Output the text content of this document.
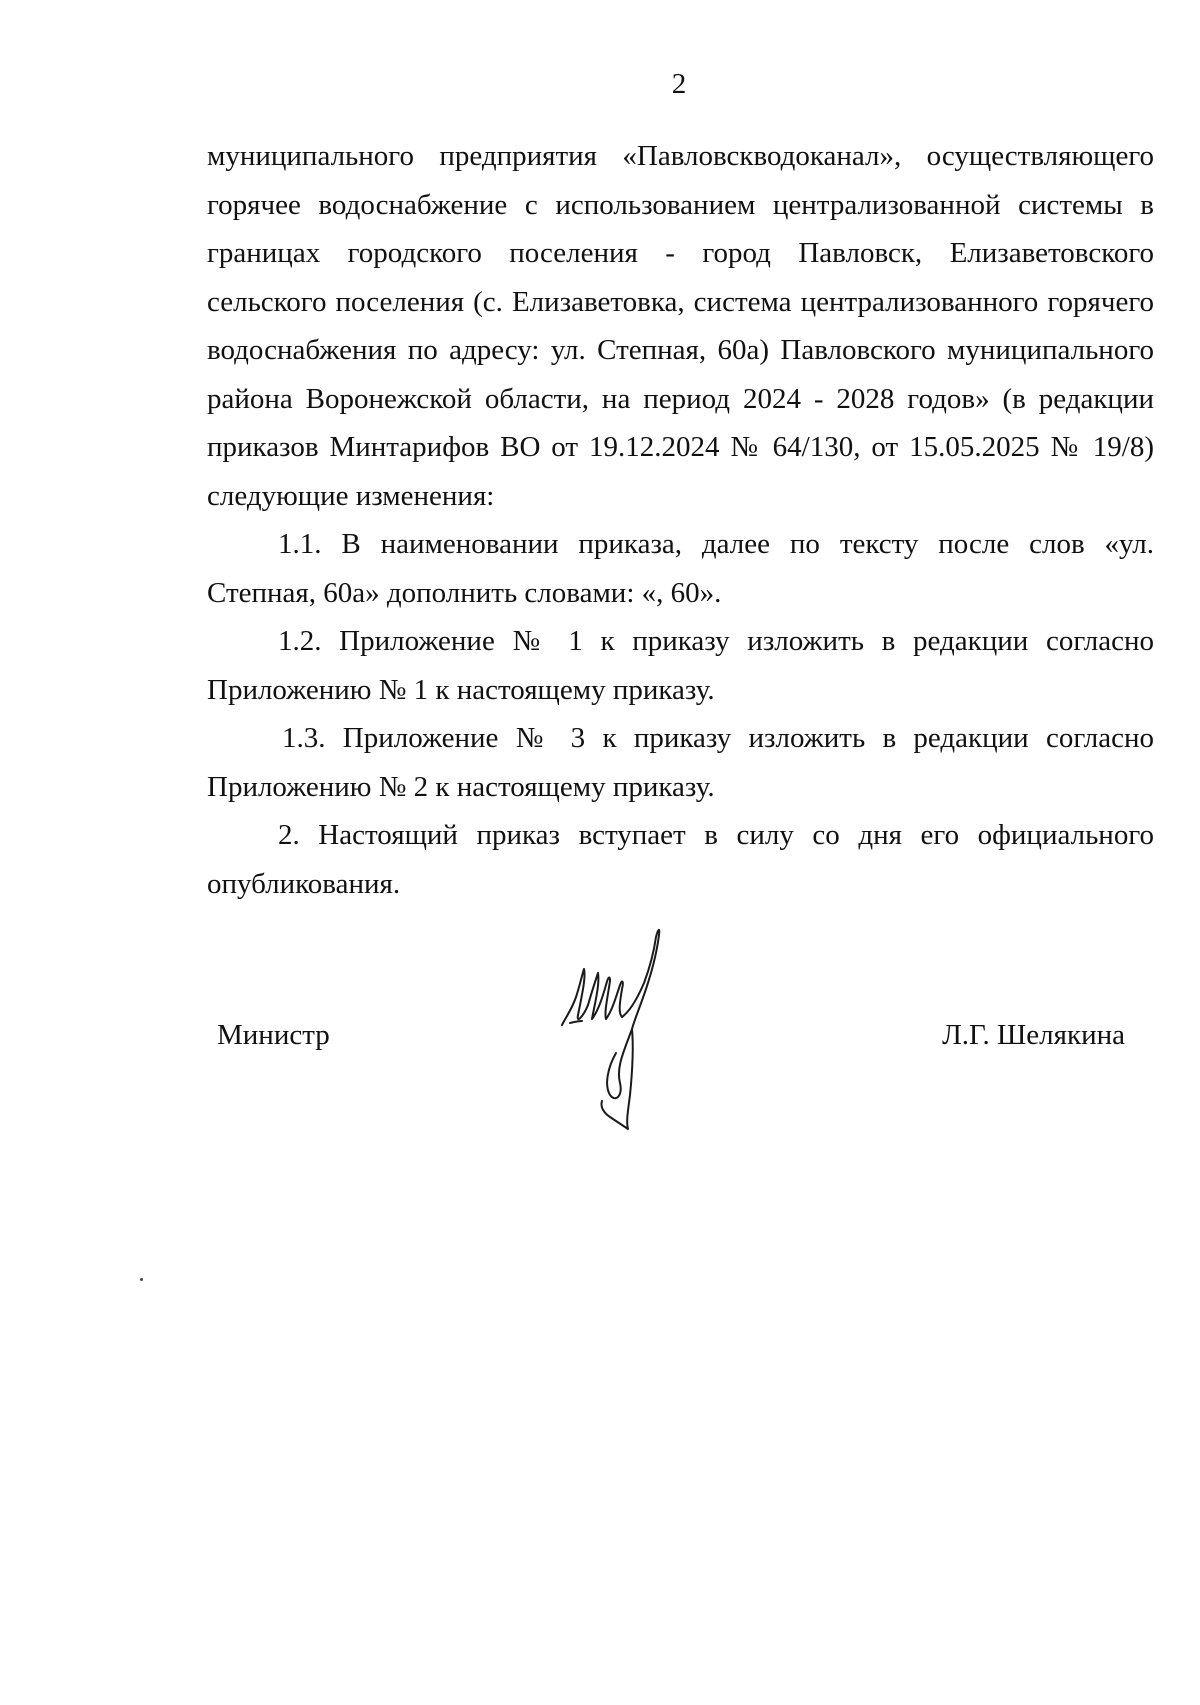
2

муниципального предприятия «Павловскводоканал», осуществляющего горячее водоснабжение с использованием централизованной системы в границах городского поселения - город Павловск, Елизаветовского сельского поселения (с. Елизаветовка, система централизованного горячего водоснабжения по адресу: ул. Степная, 60а) Павловского муниципального района Воронежской области, на период 2024 - 2028 годов» (в редакции приказов Минтарифов ВО от 19.12.2024 № 64/130, от 15.05.2025 № 19/8) следующие изменения:

1.1. В наименовании приказа, далее по тексту после слов «ул. Степная, 60а» дополнить словами: «, 60».

1.2. Приложение № 1 к приказу изложить в редакции согласно Приложению № 1 к настоящему приказу.

1.3. Приложение № 3 к приказу изложить в редакции согласно Приложению № 2 к настоящему приказу.

2. Настоящий приказ вступает в силу со дня его официального опубликования.

Министр	Л.Г. Шелякина
